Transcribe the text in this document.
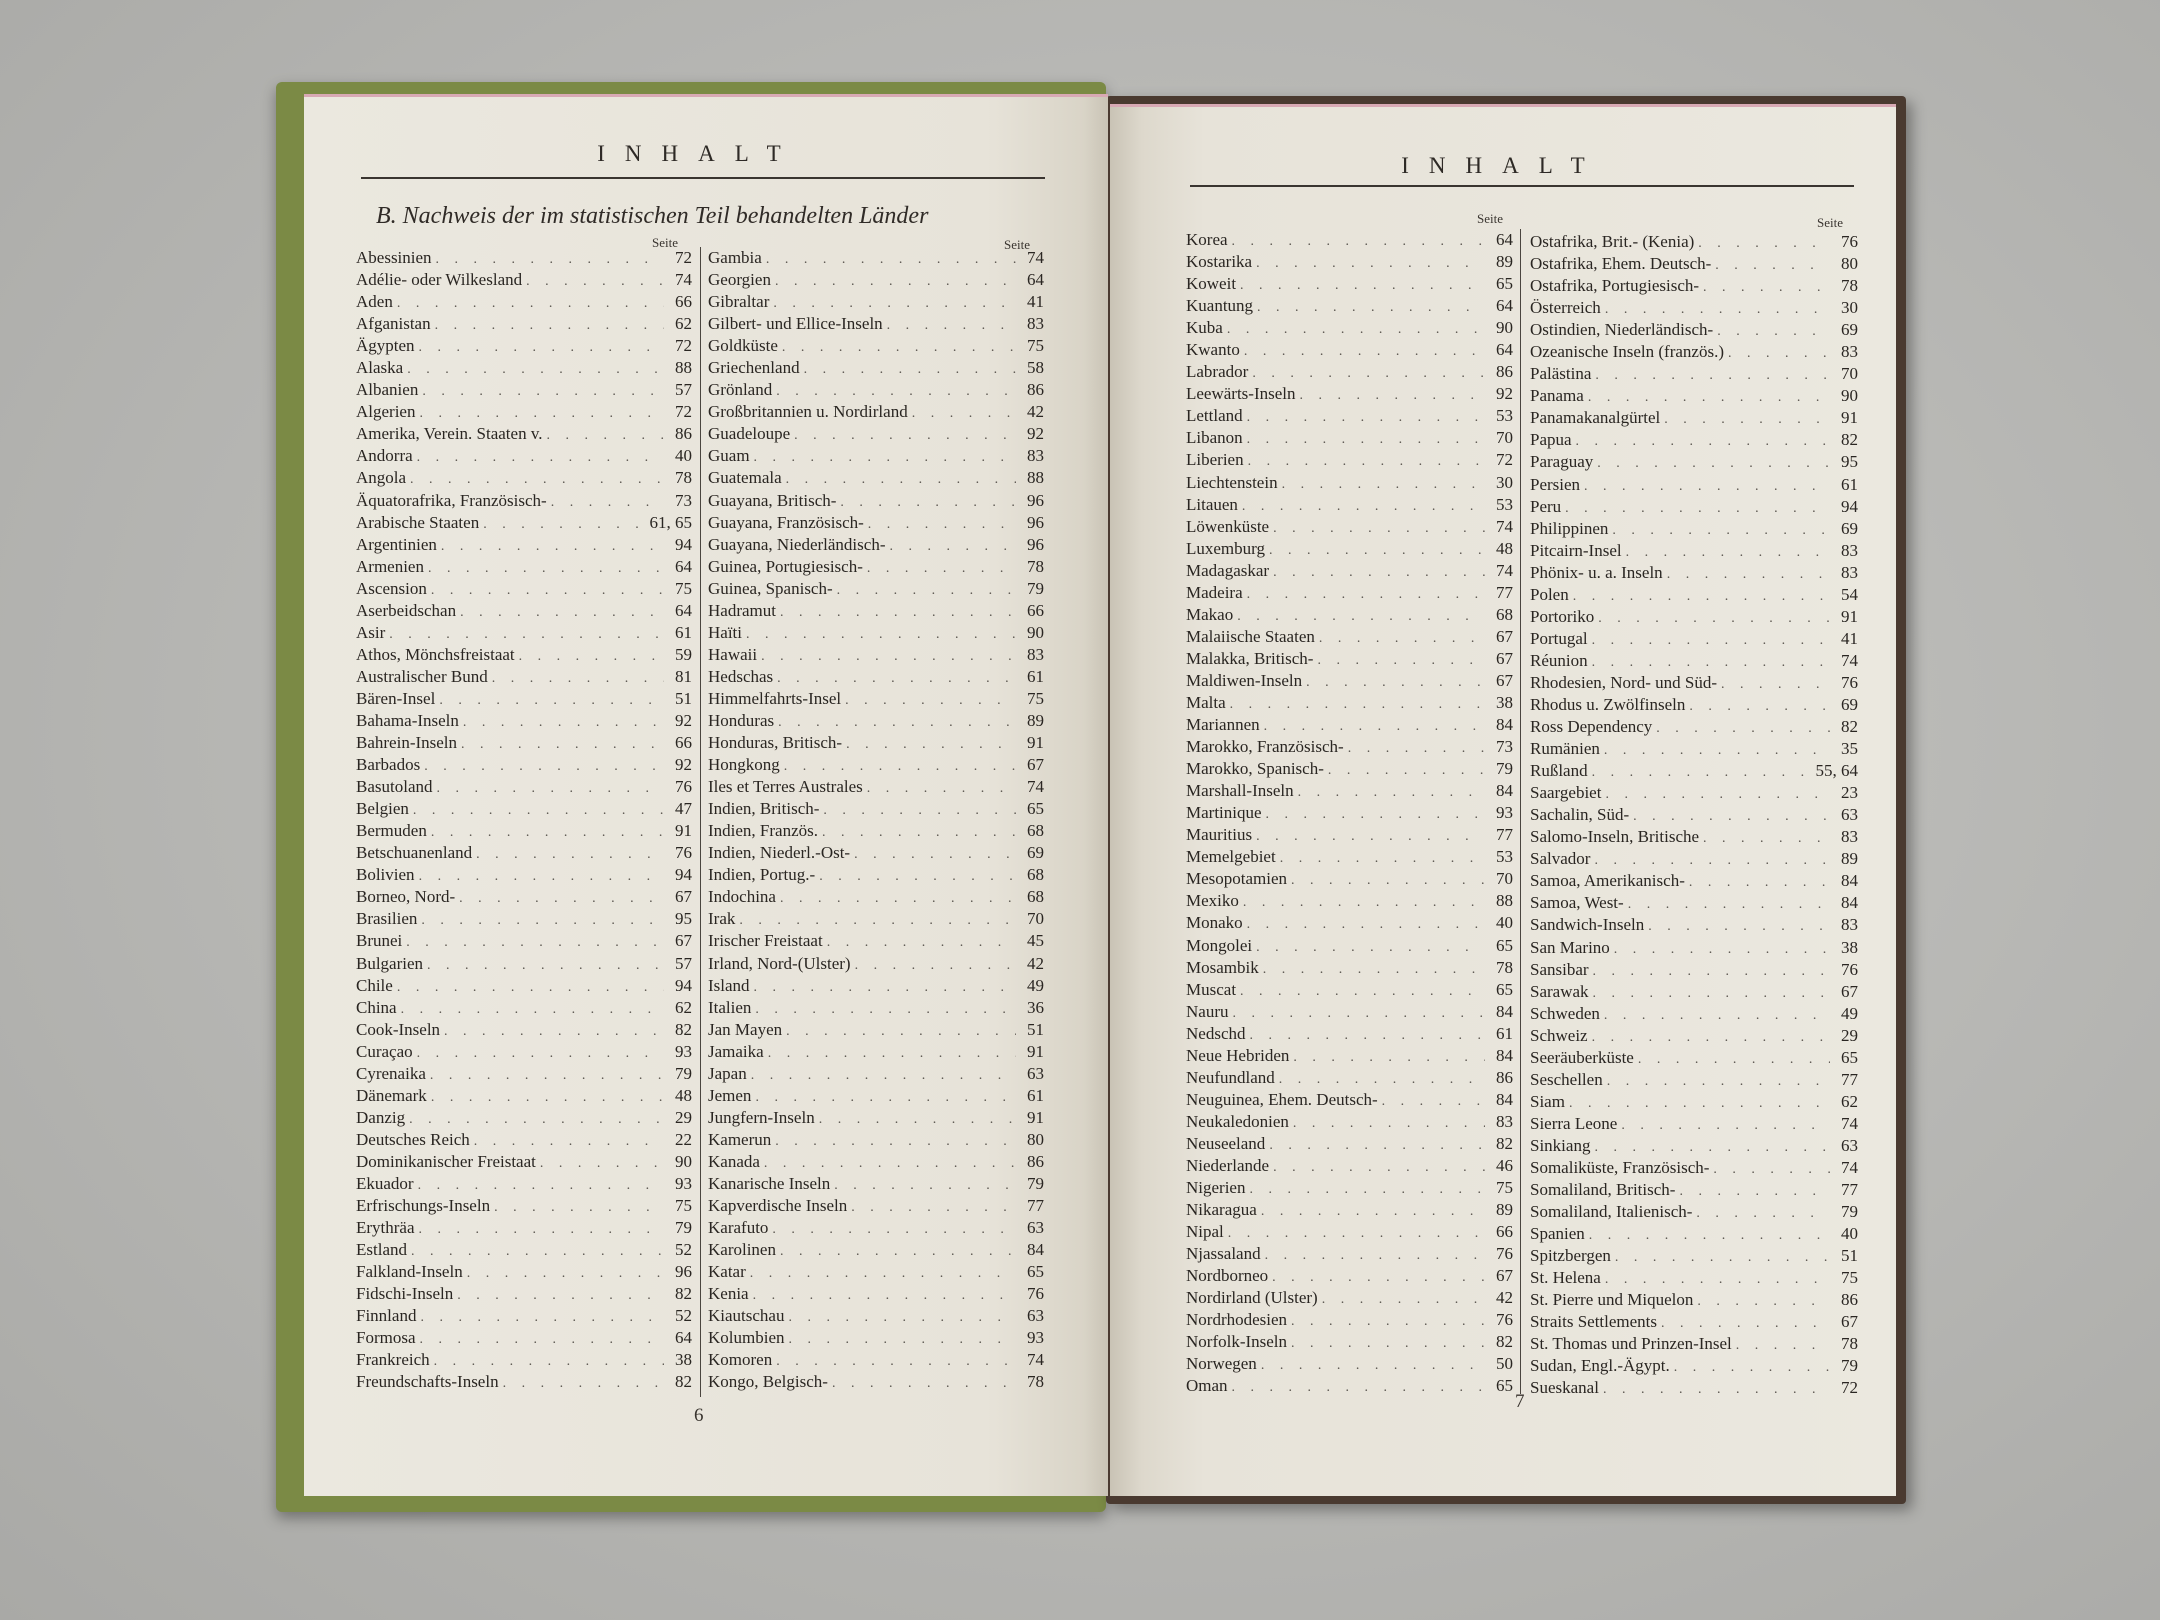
INHALT
B. Nachweis der im statistischen Teil behandelten Länder
Seite	Seite
Abessinien . . .	72
Adélie- oder Wilkesland . . .	74
Aden . . .	66
Afganistan . . .	62
Ägypten . . .	72
Alaska . . .	88
Albanien . . .	57
Algerien . . .	72
Amerika, Verein. Staaten v. . . .	86
Andorra . . .	40
Angola . . .	78
Äquatorafrika, Französisch- . . .	73
Arabische Staaten . . .	61, 65
Argentinien . . .	94
Armenien . . .	64
Ascension . . .	75
Aserbeidschan . . .	64
Asir . . .	61
Athos, Mönchsfreistaat . . .	59
Australischer Bund . . .	81
Bären-Insel . . .	51
Bahama-Inseln . . .	92
Bahrein-Inseln . . .	66
Barbados . . .	92
Basutoland . . .	76
Belgien . . .	47
Bermuden . . .	91
Betschuanenland . . .	76
Bolivien . . .	94
Borneo, Nord- . . .	67
Brasilien . . .	95
Brunei . . .	67
Bulgarien . . .	57
Chile . . .	94
China . . .	62
Cook-Inseln . . .	82
Curaçao . . .	93
Cyrenaika . . .	79
Dänemark . . .	48
Danzig . . .	29
Deutsches Reich . . .	22
Dominikanischer Freistaat . . .	90
Ekuador . . .	93
Erfrischungs-Inseln . . .	75
Erythräa . . .	79
Estland . . .	52
Falkland-Inseln . . .	96
Fidschi-Inseln . . .	82
Finnland . . .	52
Formosa . . .	64
Frankreich . . .	38
Freundschafts-Inseln . . .	82
Gambia . . .	74
Georgien . . .	64
Gibraltar . . .	41
Gilbert- und Ellice-Inseln . . .	83
Goldküste . . .	75
Griechenland . . .	58
Grönland . . .	86
Großbritannien u. Nordirland . . .	42
Guadeloupe . . .	92
Guam . . .	83
Guatemala . . .	88
Guayana, Britisch- . . .	96
Guayana, Französisch- . . .	96
Guayana, Niederländisch- . . .	96
Guinea, Portugiesisch- . . .	78
Guinea, Spanisch- . . .	79
Hadramut . . .	66
Haïti . . .	90
Hawaii . . .	83
Hedschas . . .	61
Himmelfahrts-Insel . . .	75
Honduras . . .	89
Honduras, Britisch- . . .	91
Hongkong . . .	67
Iles et Terres Australes . . .	74
Indien, Britisch- . . .	65
Indien, Französ. . . .	68
Indien, Niederl.-Ost- . . .	69
Indien, Portug.- . . .	68
Indochina . . .	68
Irak . . .	70
Irischer Freistaat . . .	45
Irland, Nord-(Ulster) . . .	42
Island . . .	49
Italien . . .	36
Jan Mayen . . .	51
Jamaika . . .	91
Japan . . .	63
Jemen . . .	61
Jungfern-Inseln . . .	91
Kamerun . . .	80
Kanada . . .	86
Kanarische Inseln . . .	79
Kapverdische Inseln . . .	77
Karafuto . . .	63
Karolinen . . .	84
Katar . . .	65
Kenia . . .	76
Kiautschau . . .	63
Kolumbien . . .	93
Komoren . . .	74
Kongo, Belgisch- . . .	78
6
INHALT
Seite	Seite
Korea . . .	64
Kostarika . . .	89
Koweit . . .	65
Kuantung . . .	64
Kuba . . .	90
Kwanto . . .	64
Labrador . . .	86
Leewärts-Inseln . . .	92
Lettland . . .	53
Libanon . . .	70
Liberien . . .	72
Liechtenstein . . .	30
Litauen . . .	53
Löwenküste . . .	74
Luxemburg . . .	48
Madagaskar . . .	74
Madeira . . .	77
Makao . . .	68
Malaiische Staaten . . .	67
Malakka, Britisch- . . .	67
Maldiwen-Inseln . . .	67
Malta . . .	38
Mariannen . . .	84
Marokko, Französisch- . . .	73
Marokko, Spanisch- . . .	79
Marshall-Inseln . . .	84
Martinique . . .	93
Mauritius . . .	77
Memelgebiet . . .	53
Mesopotamien . . .	70
Mexiko . . .	88
Monako . . .	40
Mongolei . . .	65
Mosambik . . .	78
Muscat . . .	65
Nauru . . .	84
Nedschd . . .	61
Neue Hebriden . . .	84
Neufundland . . .	86
Neuguinea, Ehem. Deutsch- . . .	84
Neukaledonien . . .	83
Neuseeland . . .	82
Niederlande . . .	46
Nigerien . . .	75
Nikaragua . . .	89
Nipal . . .	66
Njassaland . . .	76
Nordborneo . . .	67
Nordirland (Ulster) . . .	42
Nordrhodesien . . .	76
Norfolk-Inseln . . .	82
Norwegen . . .	50
Oman . . .	65
Ostafrika, Brit.- (Kenia) . . .	76
Ostafrika, Ehem. Deutsch- . . .	80
Ostafrika, Portugiesisch- . . .	78
Österreich . . .	30
Ostindien, Niederländisch- . . .	69
Ozeanische Inseln (französ.) . . .	83
Palästina . . .	70
Panama . . .	90
Panamakanalgürtel . . .	91
Papua . . .	82
Paraguay . . .	95
Persien . . .	61
Peru . . .	94
Philippinen . . .	69
Pitcairn-Insel . . .	83
Phönix- u. a. Inseln . . .	83
Polen . . .	54
Portoriko . . .	91
Portugal . . .	41
Réunion . . .	74
Rhodesien, Nord- und Süd- . . .	76
Rhodus u. Zwölfinseln . . .	69
Ross Dependency . . .	82
Rumänien . . .	35
Rußland . . .	55, 64
Saargebiet . . .	23
Sachalin, Süd- . . .	63
Salomo-Inseln, Britische . . .	83
Salvador . . .	89
Samoa, Amerikanisch- . . .	84
Samoa, West- . . .	84
Sandwich-Inseln . . .	83
San Marino . . .	38
Sansibar . . .	76
Sarawak . . .	67
Schweden . . .	49
Schweiz . . .	29
Seeräuberküste . . .	65
Seschellen . . .	77
Siam . . .	62
Sierra Leone . . .	74
Sinkiang . . .	63
Somaliküste, Französisch- . . .	74
Somaliland, Britisch- . . .	77
Somaliland, Italienisch- . . .	79
Spanien . . .	40
Spitzbergen . . .	51
St. Helena . . .	75
St. Pierre und Miquelon . . .	86
Straits Settlements . . .	67
St. Thomas und Prinzen-Insel . . .	78
Sudan, Engl.-Ägypt. . . .	79
Sueskanal . . .	72
7
